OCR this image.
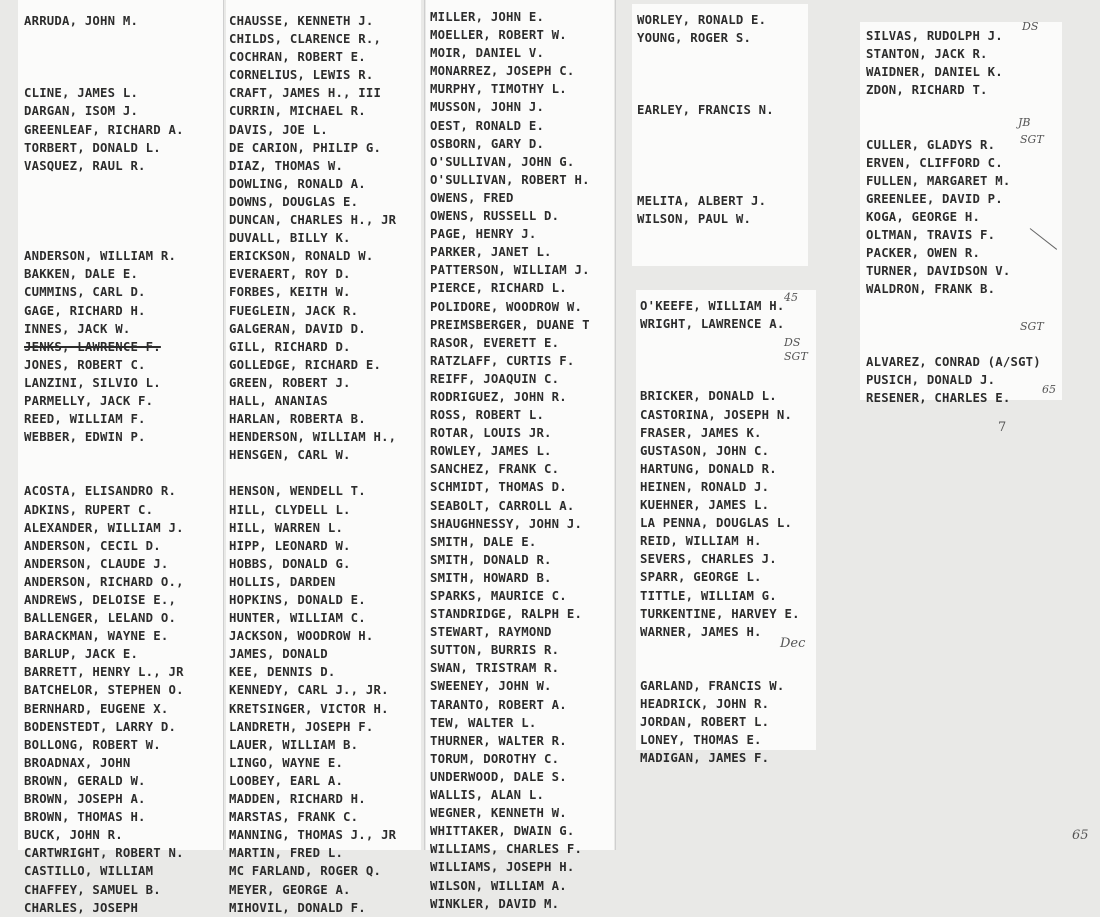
ARRUDA, JOHN M.
CLINE, JAMES L.
DARGAN, ISOM J.
GREENLEAF, RICHARD A.
TORBERT, DONALD L.
VASQUEZ, RAUL R.
ANDERSON, WILLIAM R.
BAKKEN, DALE E.
CUMMINS, CARL D.
GAGE, RICHARD H.
INNES, JACK W.
JENKS, LAWRENCE F.
JONES, ROBERT C.
LANZINI, SILVIO L.
PARMELLY, JACK F.
REED, WILLIAM F.
WEBBER, EDWIN P.
ACOSTA, ELISANDRO R.
ADKINS, RUPERT C.
ALEXANDER, WILLIAM J.
ANDERSON, CECIL D.
ANDERSON, CLAUDE J.
ANDERSON, RICHARD O.,
ANDREWS, DELOISE E.,
BALLENGER, LELAND O.
BARACKMAN, WAYNE E.
BARLUP, JACK E.
BARRETT, HENRY L., JR
BATCHELOR, STEPHEN O.
BERNHARD, EUGENE X.
BODENSTEDT, LARRY D.
BOLLONG, ROBERT W.
BROADNAX, JOHN
BROWN, GERALD W.
BROWN, JOSEPH A.
BROWN, THOMAS H.
BUCK, JOHN R.
CARTWRIGHT, ROBERT N.
CASTILLO, WILLIAM
CHAFFEY, SAMUEL B.
CHARLES, JOSEPH
CHAUSSE, KENNETH J.
CHILDS, CLARENCE R.,
COCHRAN, ROBERT E.
CORNELIUS, LEWIS R.
CRAFT, JAMES H., III
CURRIN, MICHAEL R.
DAVIS, JOE L.
DE CARION, PHILIP G.
DIAZ, THOMAS W.
DOWLING, RONALD A.
DOWNS, DOUGLAS E.
DUNCAN, CHARLES H., JR
DUVALL, BILLY K.
ERICKSON, RONALD W.
EVERAERT, ROY D.
FORBES, KEITH W.
FUEGLEIN, JACK R.
GALGERAN, DAVID D.
GILL, RICHARD D.
GOLLEDGE, RICHARD E.
GREEN, ROBERT J.
HALL, ANANIAS
HARLAN, ROBERTA B.
HENDERSON, WILLIAM H.,
HENSGEN, CARL W.
HENSON, WENDELL T.
HILL, CLYDELL L.
HILL, WARREN L.
HIPP, LEONARD W.
HOBBS, DONALD G.
HOLLIS, DARDEN
HOPKINS, DONALD E.
HUNTER, WILLIAM C.
JACKSON, WOODROW H.
JAMES, DONALD
KEE, DENNIS D.
KENNEDY, CARL J., JR.
KRETSINGER, VICTOR H.
LANDRETH, JOSEPH F.
LAUER, WILLIAM B.
LINGO, WAYNE E.
LOOBEY, EARL A.
MADDEN, RICHARD H.
MARSTAS, FRANK C.
MANNING, THOMAS J., JR
MARTIN, FRED L.
MC FARLAND, ROGER Q.
MEYER, GEORGE A.
MIHOVIL, DONALD F.
MILLER, JOHN E.
MOELLER, ROBERT W.
MOIR, DANIEL V.
MONARREZ, JOSEPH C.
MURPHY, TIMOTHY L.
MUSSON, JOHN J.
OEST, RONALD E.
OSBORN, GARY D.
O'SULLIVAN, JOHN G.
O'SULLIVAN, ROBERT H.
OWENS, FRED
OWENS, RUSSELL D.
PAGE, HENRY J.
PARKER, JANET L.
PATTERSON, WILLIAM J.
PIERCE, RICHARD L.
POLIDORE, WOODROW W.
PREIMSBERGER, DUANE T
RASOR, EVERETT E.
RATZLAFF, CURTIS F.
REIFF, JOAQUIN C.
RODRIGUEZ, JOHN R.
ROSS, ROBERT L.
ROTAR, LOUIS JR.
ROWLEY, JAMES L.
SANCHEZ, FRANK C.
SCHMIDT, THOMAS D.
SEABOLT, CARROLL A.
SHAUGHNESSY, JOHN J.
SMITH, DALE E.
SMITH, DONALD R.
SMITH, HOWARD B.
SPARKS, MAURICE C.
STANDRIDGE, RALPH E.
STEWART, RAYMOND
SUTTON, BURRIS R.
SWAN, TRISTRAM R.
SWEENEY, JOHN W.
TARANTO, ROBERT A.
TEW, WALTER L.
THURNER, WALTER R.
TORUM, DOROTHY C.
UNDERWOOD, DALE S.
WALLIS, ALAN L.
WEGNER, KENNETH W.
WHITTAKER, DWAIN G.
WILLIAMS, CHARLES F.
WILLIAMS, JOSEPH H.
WILSON, WILLIAM A.
WINKLER, DAVID M.
WORLEY, RONALD E.
YOUNG, ROGER S.
EARLEY, FRANCIS N.
MELITA, ALBERT J.
WILSON, PAUL W.
O'KEEFE, WILLIAM H.
WRIGHT, LAWRENCE A.
BRICKER, DONALD L.
CASTORINA, JOSEPH N.
FRASER, JAMES K.
GUSTASON, JOHN C.
HARTUNG, DONALD R.
HEINEN, RONALD J.
KUEHNER, JAMES L.
LA PENNA, DOUGLAS L.
REID, WILLIAM H.
SEVERS, CHARLES J.
SPARR, GEORGE L.
TITTLE, WILLIAM G.
TURKENTINE, HARVEY E.
WARNER, JAMES H.
GARLAND, FRANCIS W.
HEADRICK, JOHN R.
JORDAN, ROBERT L.
LONEY, THOMAS E.
MADIGAN, JAMES F.
SILVAS, RUDOLPH J.
STANTON, JACK R.
WAIDNER, DANIEL K.
ZDON, RICHARD T.
CULLER, GLADYS R.
ERVEN, CLIFFORD C.
FULLEN, MARGARET M.
GREENLEE, DAVID P.
KOGA, GEORGE H.
OLTMAN, TRAVIS F.
PACKER, OWEN R.
TURNER, DAVIDSON V.
WALDRON, FRANK B.
ALVAREZ, CONRAD (A/SGT)
PUSICH, DONALD J.
RESENER, CHARLES E.
DS
JB
SGT
SGT
65
45
DS
SGT
Dec
7
65
